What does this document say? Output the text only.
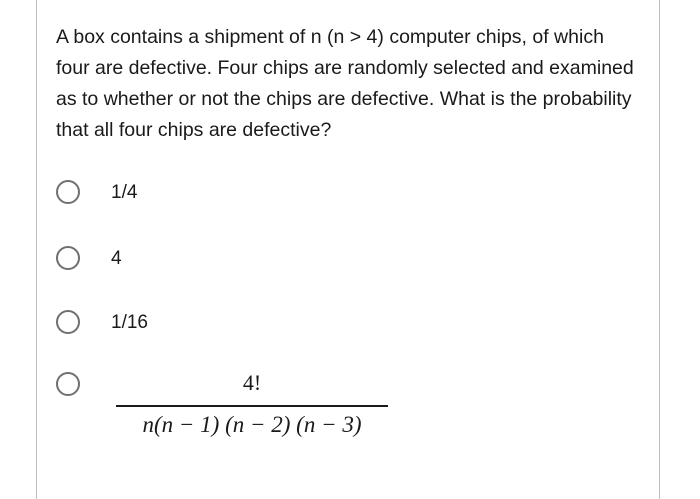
A box contains a shipment of n (n > 4) computer chips, of which four are defective. Four chips are randomly selected and examined as to whether or not the chips are defective. What is the probability that all four chips are defective?

1/4
4
1/16
4!
n(n − 1) (n − 2) (n − 3)
